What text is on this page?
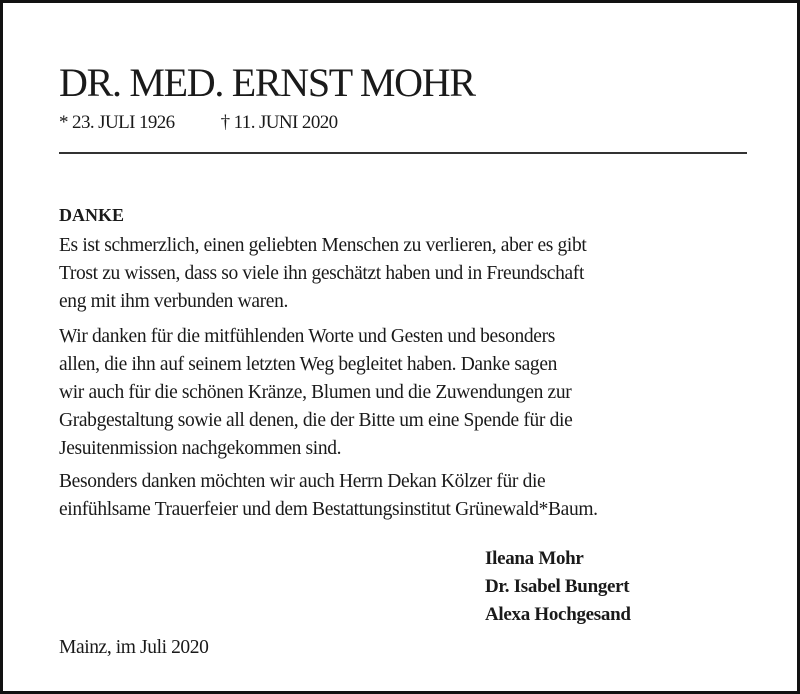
DR. MED. ERNST MOHR
* 23. JULI 1926 † 11. JUNI 2020
DANKE
Es ist schmerzlich, einen geliebten Menschen zu verlieren, aber es gibt
Trost zu wissen, dass so viele ihn geschätzt haben und in Freundschaft
eng mit ihm verbunden waren.
Wir danken für die mitfühlenden Worte und Gesten und besonders
allen, die ihn auf seinem letzten Weg begleitet haben. Danke sagen
wir auch für die schönen Kränze, Blumen und die Zuwendungen zur
Grabgestaltung sowie all denen, die der Bitte um eine Spende für die
Jesuitenmission nachgekommen sind.
Besonders danken möchten wir auch Herrn Dekan Kölzer für die
einfühlsame Trauerfeier und dem Bestattungsinstitut Grünewald*Baum.
Ileana Mohr
Dr. Isabel Bungert
Alexa Hochgesand
Mainz, im Juli 2020
